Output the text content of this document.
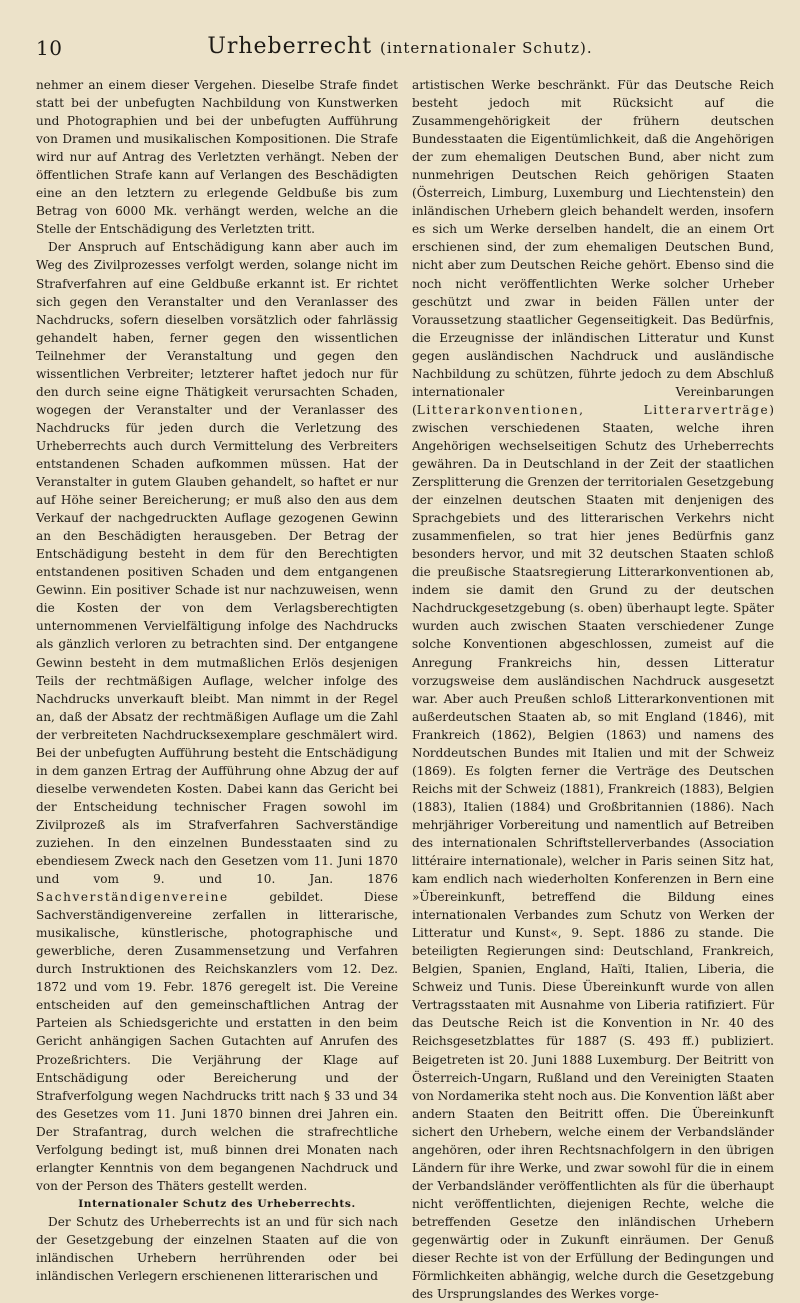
10	Urheberrecht (internationaler Schutz).

nehmer an einem dieser Vergehen. Dieselbe Strafe findet statt bei der unbefugten Nachbildung von Kunstwerken und Photographien und bei der unbefugten Aufführung von Dramen und musikalischen Kompositionen. Die Strafe wird nur auf Antrag des Verletzten verhängt. Neben der öffentlichen Strafe kann auf Verlangen des Beschädigten eine an den letztern zu erlegende Geldbuße bis zum Betrag von 6000 Mk. verhängt werden, welche an die Stelle der Entschädigung des Verletzten tritt.

Der Anspruch auf Entschädigung kann aber auch im Weg des Zivilprozesses verfolgt werden, solange nicht im Strafverfahren auf eine Geldbuße erkannt ist. Er richtet sich gegen den Veranstalter und den Veranlasser des Nachdrucks, sofern dieselben vorsätzlich oder fahrlässig gehandelt haben, ferner gegen den wissentlichen Teilnehmer der Veranstaltung und gegen den wissentlichen Verbreiter; letzterer haftet jedoch nur für den durch seine eigne Thätigkeit verursachten Schaden, wogegen der Veranstalter und der Veranlasser des Nachdrucks für jeden durch die Verletzung des Urheberrechts auch durch Vermittelung des Verbreiters entstandenen Schaden aufkommen müssen. Hat der Veranstalter in gutem Glauben gehandelt, so haftet er nur auf Höhe seiner Bereicherung; er muß also den aus dem Verkauf der nachgedruckten Auflage gezogenen Gewinn an den Beschädigten herausgeben. Der Betrag der Entschädigung besteht in dem für den Berechtigten entstandenen positiven Schaden und dem entgangenen Gewinn. Ein positiver Schade ist nur nachzuweisen, wenn die Kosten der von dem Verlagsberechtigten unternommenen Vervielfältigung infolge des Nachdrucks als gänzlich verloren zu betrachten sind. Der entgangene Gewinn besteht in dem mutmaßlichen Erlös desjenigen Teils der rechtmäßigen Auflage, welcher infolge des Nachdrucks unverkauft bleibt. Man nimmt in der Regel an, daß der Absatz der rechtmäßigen Auflage um die Zahl der verbreiteten Nachdrucksexemplare geschmälert wird. Bei der unbefugten Aufführung besteht die Entschädigung in dem ganzen Ertrag der Aufführung ohne Abzug der auf dieselbe verwendeten Kosten. Dabei kann das Gericht bei der Entscheidung technischer Fragen sowohl im Zivilprozeß als im Strafverfahren Sachverständige zuziehen. In den einzelnen Bundesstaaten sind zu ebendiesem Zweck nach den Gesetzen vom 11. Juni 1870 und vom 9. und 10. Jan. 1876 Sachverständigenvereine	gebildet. Diese Sachverständigenvereine zerfallen in litterarische, musikalische, künstlerische, photographische und gewerbliche, deren Zusammensetzung und Verfahren durch Instruktionen des Reichskanzlers vom 12. Dez. 1872 und vom 19. Febr. 1876 geregelt ist. Die Vereine entscheiden auf den gemeinschaftlichen Antrag der Parteien als Schiedsgerichte und erstatten in den beim Gericht anhängigen Sachen Gutachten auf Anrufen des Prozeßrichters. Die Verjährung der Klage auf Entschädigung oder Bereicherung und der Strafverfolgung wegen Nachdrucks tritt nach § 33 und 34 des Gesetzes vom 11. Juni 1870 binnen drei Jahren ein. Der Strafantrag, durch welchen die strafrechtliche Verfolgung bedingt ist, muß binnen drei Monaten nach erlangter Kenntnis von dem begangenen Nachdruck und von der Person des Thäters gestellt werden.

Internationaler Schutz des Urheberrechts.

Der Schutz des Urheberrechts ist an und für sich nach der Gesetzgebung der einzelnen Staaten auf die von inländischen Urhebern herrührenden oder bei inländischen Verlegern erschienenen litterarischen und

artistischen Werke beschränkt. Für das Deutsche Reich besteht jedoch mit Rücksicht auf die Zusammengehörigkeit der frühern deutschen Bundesstaaten die Eigentümlichkeit, daß die Angehörigen der zum ehemaligen Deutschen Bund, aber nicht zum nunmehrigen Deutschen Reich gehörigen Staaten (Österreich, Limburg, Luxemburg und Liechtenstein) den inländischen Urhebern gleich behandelt werden, insofern es sich um Werke derselben handelt, die an einem Ort erschienen sind, der zum ehemaligen Deutschen Bund, nicht aber zum Deutschen Reiche gehört. Ebenso sind die noch nicht veröffentlichten Werke solcher Urheber geschützt und zwar in beiden Fällen unter der Voraussetzung staatlicher Gegenseitigkeit. Das Bedürfnis, die Erzeugnisse der inländischen Litteratur und Kunst gegen ausländischen Nachdruck und ausländische Nachbildung zu schützen, führte jedoch zu dem Abschluß internationaler Vereinbarungen (Litterarkonventionen, Litterarverträge) zwischen verschiedenen Staaten, welche ihren Angehörigen wechselseitigen Schutz des Urheberrechts gewähren. Da in Deutschland in der Zeit der staatlichen Zersplitterung die Grenzen der territorialen Gesetzgebung der einzelnen deutschen Staaten mit denjenigen des Sprachgebiets und des litterarischen Verkehrs nicht zusammenfielen, so trat hier jenes Bedürfnis ganz besonders hervor, und mit 32 deutschen Staaten schloß die preußische Staatsregierung Litterarkonventionen ab, indem sie damit den Grund zu der deutschen Nachdruckgesetzgebung (s. oben) überhaupt legte. Später wurden auch zwischen Staaten verschiedener Zunge solche Konventionen abgeschlossen, zumeist auf die Anregung Frankreichs hin, dessen Litteratur vorzugsweise dem ausländischen Nachdruck ausgesetzt war. Aber auch Preußen schloß Litterarkonventionen mit außerdeutschen Staaten ab, so mit England (1846), mit Frankreich (1862), Belgien (1863) und namens des Norddeutschen Bundes mit Italien und mit der Schweiz (1869). Es folgten ferner die Verträge des Deutschen Reichs mit der Schweiz (1881), Frankreich (1883), Belgien (1883), Italien (1884) und Großbritannien (1886). Nach mehrjähriger Vorbereitung und namentlich auf Betreiben des internationalen Schriftstellerverbandes (Association littéraire internationale), welcher in Paris seinen Sitz hat, kam endlich nach wiederholten Konferenzen in Bern eine »Übereinkunft, betreffend die Bildung eines internationalen Verbandes zum Schutz von Werken der Litteratur und Kunst«, 9. Sept. 1886 zu stande. Die beteiligten Regierungen sind: Deutschland, Frankreich, Belgien, Spanien, England, Haïti, Italien, Liberia, die Schweiz und Tunis. Diese Übereinkunft wurde von allen Vertragsstaaten mit Ausnahme von Liberia ratifiziert. Für das Deutsche Reich ist die Konvention in Nr. 40 des Reichsgesetzblattes für 1887 (S. 493 ff.) publiziert. Beigetreten ist 20. Juni 1888 Luxemburg. Der Beitritt von Österreich-Ungarn, Rußland und den Vereinigten Staaten von Nordamerika steht noch aus. Die Konvention läßt aber andern Staaten den Beitritt offen. Die Übereinkunft sichert den Urhebern, welche einem der Verbandsländer angehören, oder ihren Rechtsnachfolgern in den übrigen Ländern für ihre Werke, und zwar sowohl für die in einem der Verbandsländer veröffentlichten als für die überhaupt nicht veröffentlichten, diejenigen Rechte, welche die betreffenden Gesetze den inländischen Urhebern gegenwärtig oder in Zukunft einräumen. Der Genuß dieser Rechte ist von der Erfüllung der Bedingungen und Förmlichkeiten abhängig, welche durch die Gesetzgebung des Ursprungslandes des Werkes vorge-
